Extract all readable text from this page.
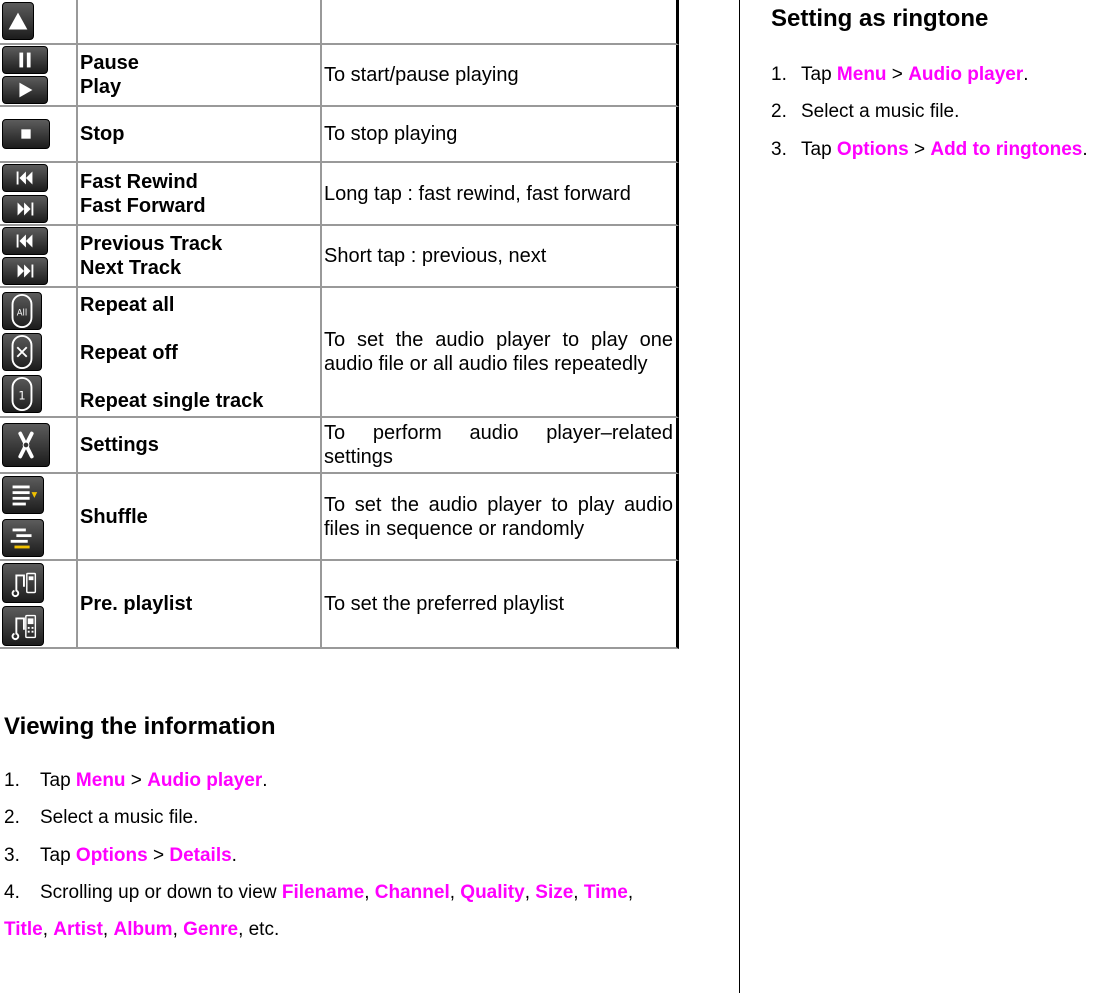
Pause
Play
To start/pause playing
Stop	To stop playing
Fast Rewind
Fast Forward
Long tap : fast rewind, fast forward
Previous Track
Next Track
Short tap : previous, next
All
1
Repeat all
Repeat off
Repeat single track
To set the audio player to play one audio file or all audio files repeatedly
Settings
To perform audio player–related settings
Shuffle
To set the audio player to play audio files in sequence or randomly
Pre. playlist	To set the preferred playlist
Viewing the information
1. Tap Menu > Audio player.
2. Select a music file.
3. Tap Options > Details.
4. Scrolling up or down to view Filename, Channel, Quality, Size, Time,
Title, Artist, Album, Genre, etc.
Setting as ringtone
1. Tap Menu > Audio player.
2. Select a music file.
3. Tap Options > Add to ringtones.
